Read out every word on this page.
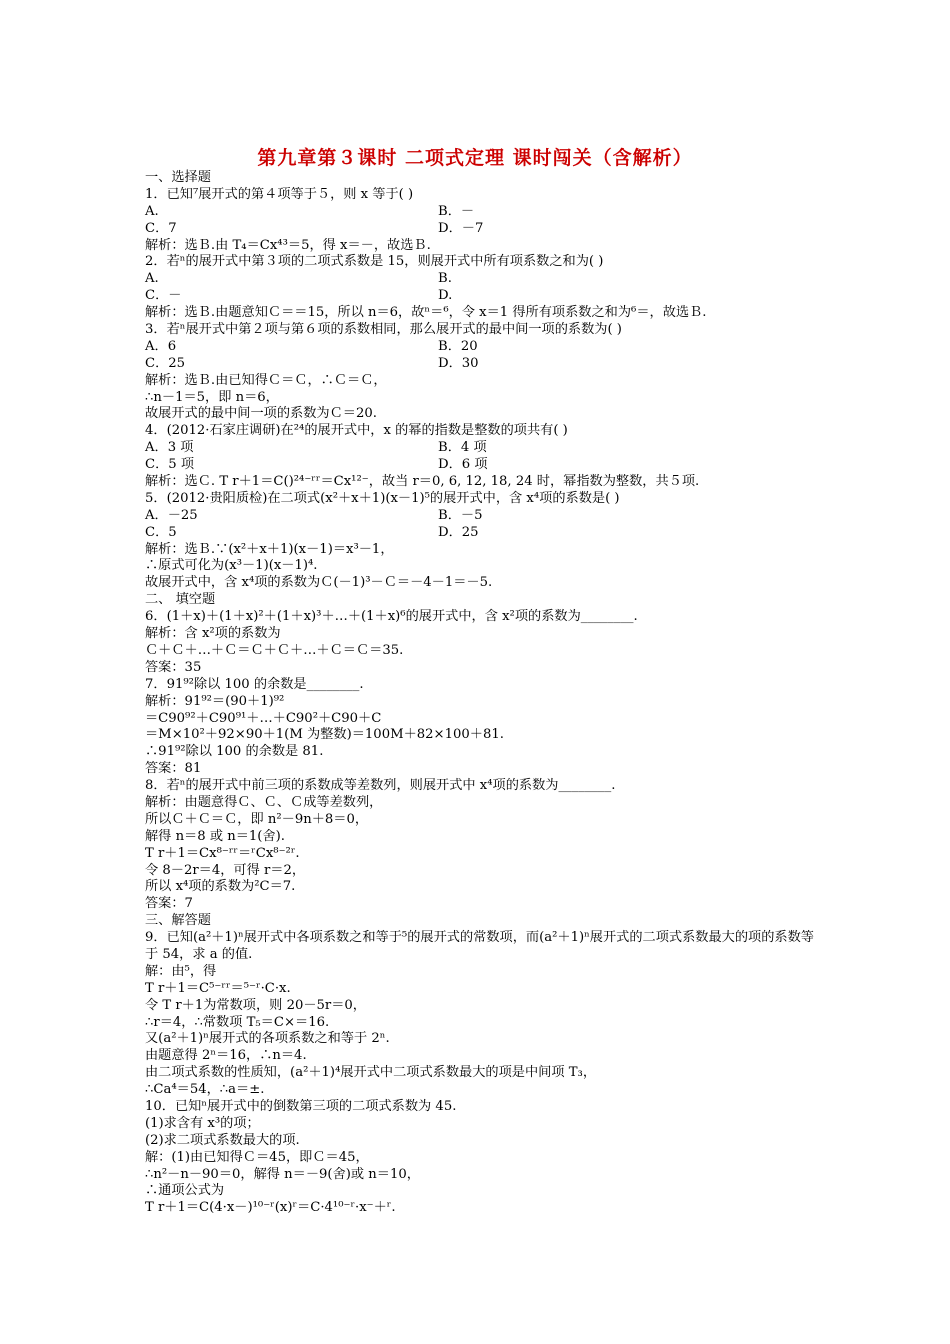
第九章第３课时 二项式定理 课时闯关（含解析）
一、选择题
1．已知⁷展开式的第４项等于５，则 x 等于( )
A.	B．－
C．7	D．－7
解析：选Ｂ.由 T₄＝Cx⁴³＝5，得 x＝－，故选Ｂ.
2．若ⁿ的展开式中第３项的二项式系数是 15，则展开式中所有项系数之和为( )
A.	B.
C．－	D.
解析：选Ｂ.由题意知Ｃ＝＝15，所以 n＝6，故ⁿ＝⁶，令 x＝1 得所有项系数之和为⁶＝，故选Ｂ.
3．若ⁿ展开式中第２项与第６项的系数相同，那么展开式的最中间一项的系数为( )
A．6	B．20
C．25	D．30
解析：选Ｂ.由已知得Ｃ＝Ｃ，∴Ｃ＝Ｃ，
∴n－1＝5，即 n＝6，
故展开式的最中间一项的系数为Ｃ＝20.
4．(2012·石家庄调研)在²⁴的展开式中，x 的幂的指数是整数的项共有( )
A．3 项	B．4 项
C．5 项	D．6 项
解析：选Ｃ. T r＋1＝C()²⁴⁻ʳʳ＝Cx¹²⁻，故当 r＝0, 6, 12, 18, 24 时，幂指数为整数，共５项.
5．(2012·贵阳质检)在二项式(x²＋x＋1)(x－1)⁵的展开式中，含 x⁴项的系数是( )
A．－25	B．－5
C．5	D．25
解析：选Ｂ.∵(x²＋x＋1)(x－1)＝x³－1，
∴原式可化为(x³－1)(x－1)⁴.
故展开式中，含 x⁴项的系数为Ｃ(－1)³－Ｃ＝－4－1＝－5.
二、 填空题
6．(1＋x)＋(1＋x)²＋(1＋x)³＋…＋(1＋x)⁶的展开式中，含 x²项的系数为________.
解析：含 x²项的系数为
Ｃ＋Ｃ＋…＋Ｃ＝Ｃ＋Ｃ＋…＋Ｃ＝Ｃ＝35.
答案：35
7．91⁹²除以 100 的余数是________.
解析：91⁹²＝(90＋1)⁹²
＝C90⁹²＋C90⁹¹＋…＋C90²＋C90＋C
＝M×10²＋92×90＋1(M 为整数)＝100M＋82×100＋81.
∴91⁹²除以 100 的余数是 81.
答案：81
8．若ⁿ的展开式中前三项的系数成等差数列，则展开式中 x⁴项的系数为________.
解析：由题意得Ｃ、Ｃ、Ｃ成等差数列，
所以Ｃ＋Ｃ＝Ｃ，即 n²－9n＋8＝0，
解得 n＝8 或 n＝1(舍).
T r＋1＝Cx⁸⁻ʳʳ＝ʳCx⁸⁻²ʳ.
令 8－2r＝4，可得 r＝2，
所以 x⁴项的系数为²C＝7.
答案：7
三、解答题
9．已知(a²＋1)ⁿ展开式中各项系数之和等于⁵的展开式的常数项，而(a²＋1)ⁿ展开式的二项式系数最大的项的系数等于 54，求 a 的值.
解：由⁵，得
T r＋1＝C⁵⁻ʳʳ＝⁵⁻ʳ·C·x.
令 T r＋1为常数项，则 20－5r＝0，
∴r＝4，∴常数项 T₅＝C×＝16.
又(a²＋1)ⁿ展开式的各项系数之和等于 2ⁿ.
由题意得 2ⁿ＝16，∴n＝4.
由二项式系数的性质知，(a²＋1)⁴展开式中二项式系数最大的项是中间项 T₃，
∴Ca⁴＝54，∴a＝±.
10．已知ⁿ展开式中的倒数第三项的二项式系数为 45.
(1)求含有 x³的项；
(2)求二项式系数最大的项.
解：(1)由已知得Ｃ＝45，即Ｃ＝45，
∴n²－n－90＝0，解得 n＝－9(舍)或 n＝10，
∴通项公式为
T r＋1＝C(4·x－)¹⁰⁻ʳ(x)ʳ＝C·4¹⁰⁻ʳ·x⁻＋ʳ.
